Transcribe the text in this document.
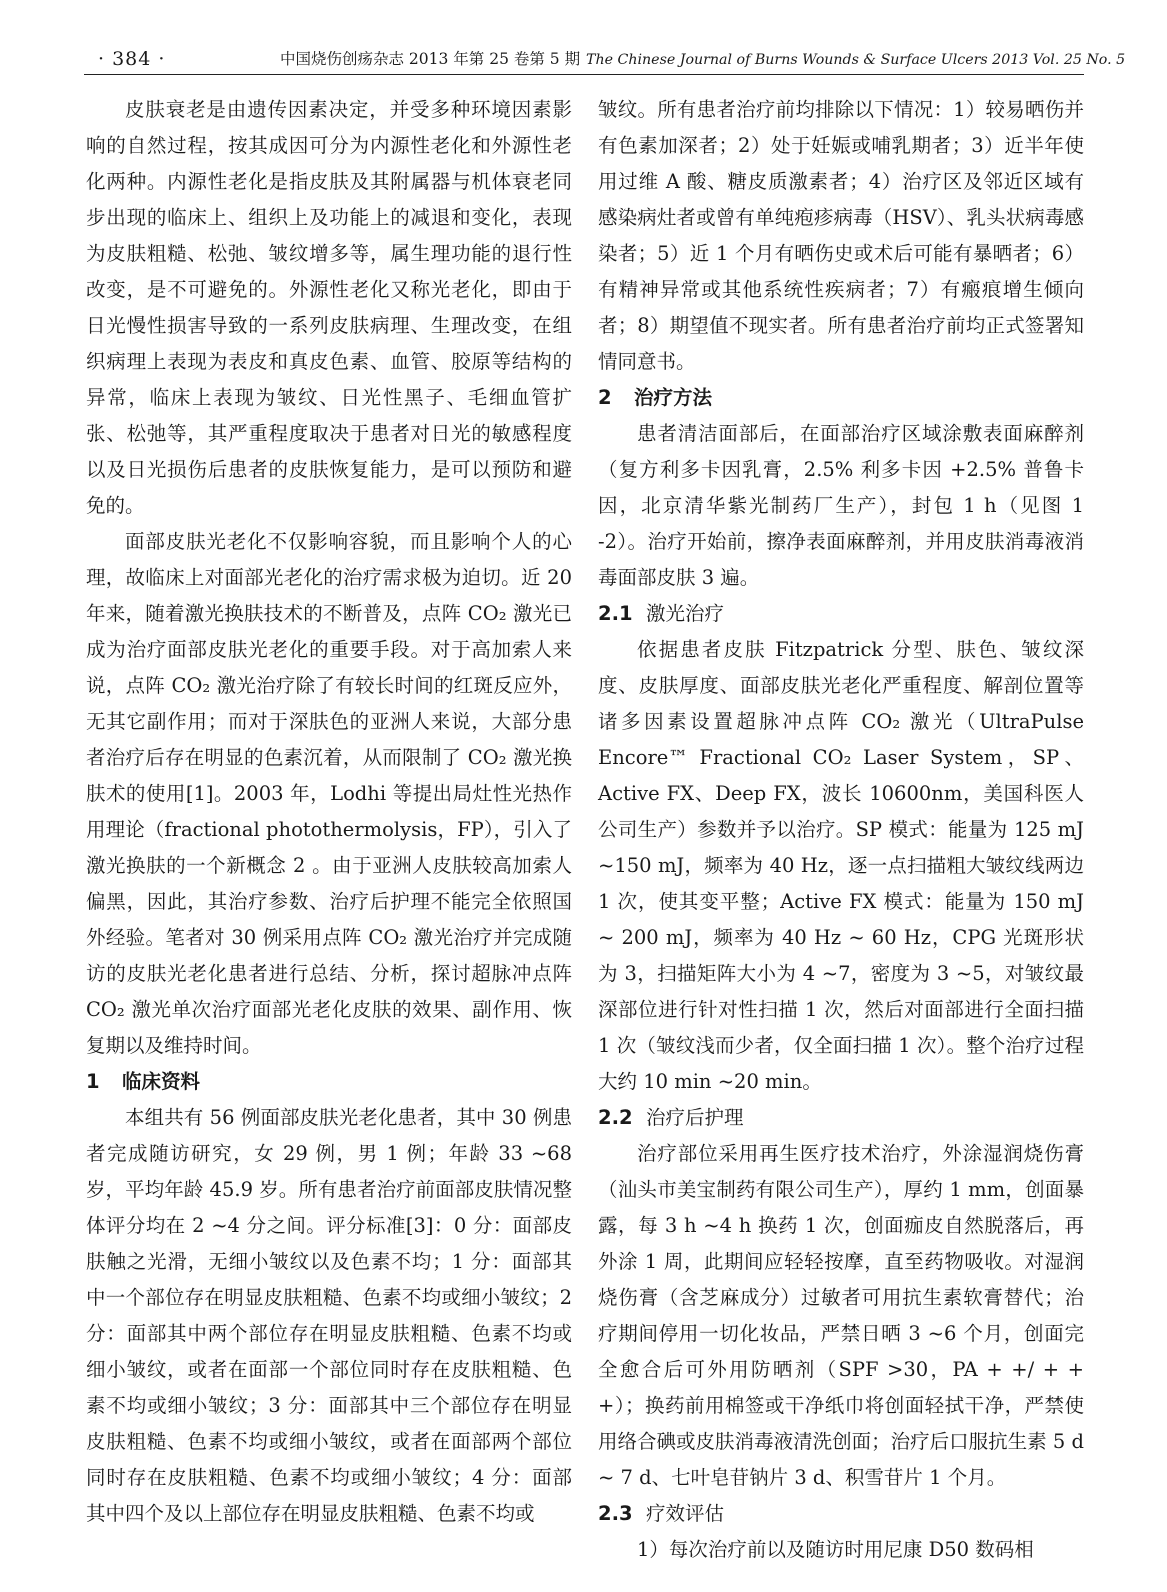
· 384 ·	中国烧伤创疡杂志 2013 年第 25 卷第 5 期 The Chinese Journal of Burns Wounds & Surface Ulcers 2013 Vol. 25 No. 5

皮肤衰老是由遗传因素决定，并受多种环境因素影响的自然过程，按其成因可分为内源性老化和外源性老化两种。内源性老化是指皮肤及其附属器与机体衰老同步出现的临床上、组织上及功能上的减退和变化，表现为皮肤粗糙、松弛、皱纹增多等，属生理功能的退行性改变，是不可避免的。外源性老化又称光老化，即由于日光慢性损害导致的一系列皮肤病理、生理改变，在组织病理上表现为表皮和真皮色素、血管、胶原等结构的异常，临床上表现为皱纹、日光性黑子、毛细血管扩张、松弛等，其严重程度取决于患者对日光的敏感程度以及日光损伤后患者的皮肤恢复能力，是可以预防和避免的。

面部皮肤光老化不仅影响容貌，而且影响个人的心理，故临床上对面部光老化的治疗需求极为迫切。近 20 年来，随着激光换肤技术的不断普及，点阵 CO₂ 激光已成为治疗面部皮肤光老化的重要手段。对于高加索人来说，点阵 CO₂ 激光治疗除了有较长时间的红斑反应外，无其它副作用；而对于深肤色的亚洲人来说，大部分患者治疗后存在明显的色素沉着，从而限制了 CO₂ 激光换肤术的使用[1]。2003 年，Lodhi 等提出局灶性光热作用理论（fractional photothermolysis，FP），引入了激光换肤的一个新概念 2 。由于亚洲人皮肤较高加索人偏黑，因此，其治疗参数、治疗后护理不能完全依照国外经验。笔者对 30 例采用点阵 CO₂ 激光治疗并完成随访的皮肤光老化患者进行总结、分析，探讨超脉冲点阵 CO₂ 激光单次治疗面部光老化皮肤的效果、副作用、恢复期以及维持时间。

1 临床资料

本组共有 56 例面部皮肤光老化患者，其中 30 例患者完成随访研究，女 29 例，男 1 例；年龄 33 ~68 岁，平均年龄 45.9 岁。所有患者治疗前面部皮肤情况整体评分均在 2 ~4 分之间。评分标准[3]：0 分：面部皮肤触之光滑，无细小皱纹以及色素不均；1 分：面部其中一个部位存在明显皮肤粗糙、色素不均或细小皱纹；2 分：面部其中两个部位存在明显皮肤粗糙、色素不均或细小皱纹，或者在面部一个部位同时存在皮肤粗糙、色素不均或细小皱纹；3 分：面部其中三个部位存在明显皮肤粗糙、色素不均或细小皱纹，或者在面部两个部位同时存在皮肤粗糙、色素不均或细小皱纹；4 分：面部其中四个及以上部位存在明显皮肤粗糙、色素不均或

皱纹。所有患者治疗前均排除以下情况：1）较易晒伤并有色素加深者；2）处于妊娠或哺乳期者；3）近半年使用过维 A 酸、糖皮质激素者；4）治疗区及邻近区域有感染病灶者或曾有单纯疱疹病毒（HSV）、乳头状病毒感染者；5）近 1 个月有晒伤史或术后可能有暴晒者；6）有精神异常或其他系统性疾病者；7）有瘢痕增生倾向者；8）期望值不现实者。所有患者治疗前均正式签署知情同意书。

2 治疗方法

患者清洁面部后，在面部治疗区域涂敷表面麻醉剂（复方利多卡因乳膏，2.5% 利多卡因 +2.5% 普鲁卡因，北京清华紫光制药厂生产），封包 1 h（见图 1 -2）。治疗开始前，擦净表面麻醉剂，并用皮肤消毒液消毒面部皮肤 3 遍。

2.1 激光治疗

依据患者皮肤 Fitzpatrick 分型、肤色、皱纹深度、皮肤厚度、面部皮肤光老化严重程度、解剖位置等诸多因素设置超脉冲点阵 CO₂ 激光（UltraPulse Encore™ Fractional CO₂ Laser System，SP、Active FX、Deep FX，波长 10600nm，美国科医人公司生产）参数并予以治疗。SP 模式：能量为 125 mJ ~150 mJ，频率为 40 Hz，逐一点扫描粗大皱纹线两边 1 次，使其变平整；Active FX 模式：能量为 150 mJ ~ 200 mJ，频率为 40 Hz ~ 60 Hz，CPG 光斑形状为 3，扫描矩阵大小为 4 ~7，密度为 3 ~5，对皱纹最深部位进行针对性扫描 1 次，然后对面部进行全面扫描 1 次（皱纹浅而少者，仅全面扫描 1 次）。整个治疗过程大约 10 min ~20 min。

2.2 治疗后护理

治疗部位采用再生医疗技术治疗，外涂湿润烧伤膏（汕头市美宝制药有限公司生产），厚约 1 mm，创面暴露，每 3 h ~4 h 换药 1 次，创面痂皮自然脱落后，再外涂 1 周，此期间应轻轻按摩，直至药物吸收。对湿润烧伤膏（含芝麻成分）过敏者可用抗生素软膏替代；治疗期间停用一切化妆品，严禁日晒 3 ~6 个月，创面完全愈合后可外用防晒剂（SPF >30，PA + +/ + + +）；换药前用棉签或干净纸巾将创面轻拭干净，严禁使用络合碘或皮肤消毒液清洗创面；治疗后口服抗生素 5 d ~ 7 d、七叶皂苷钠片 3 d、积雪苷片 1 个月。

2.3 疗效评估

1）每次治疗前以及随访时用尼康 D50 数码相
